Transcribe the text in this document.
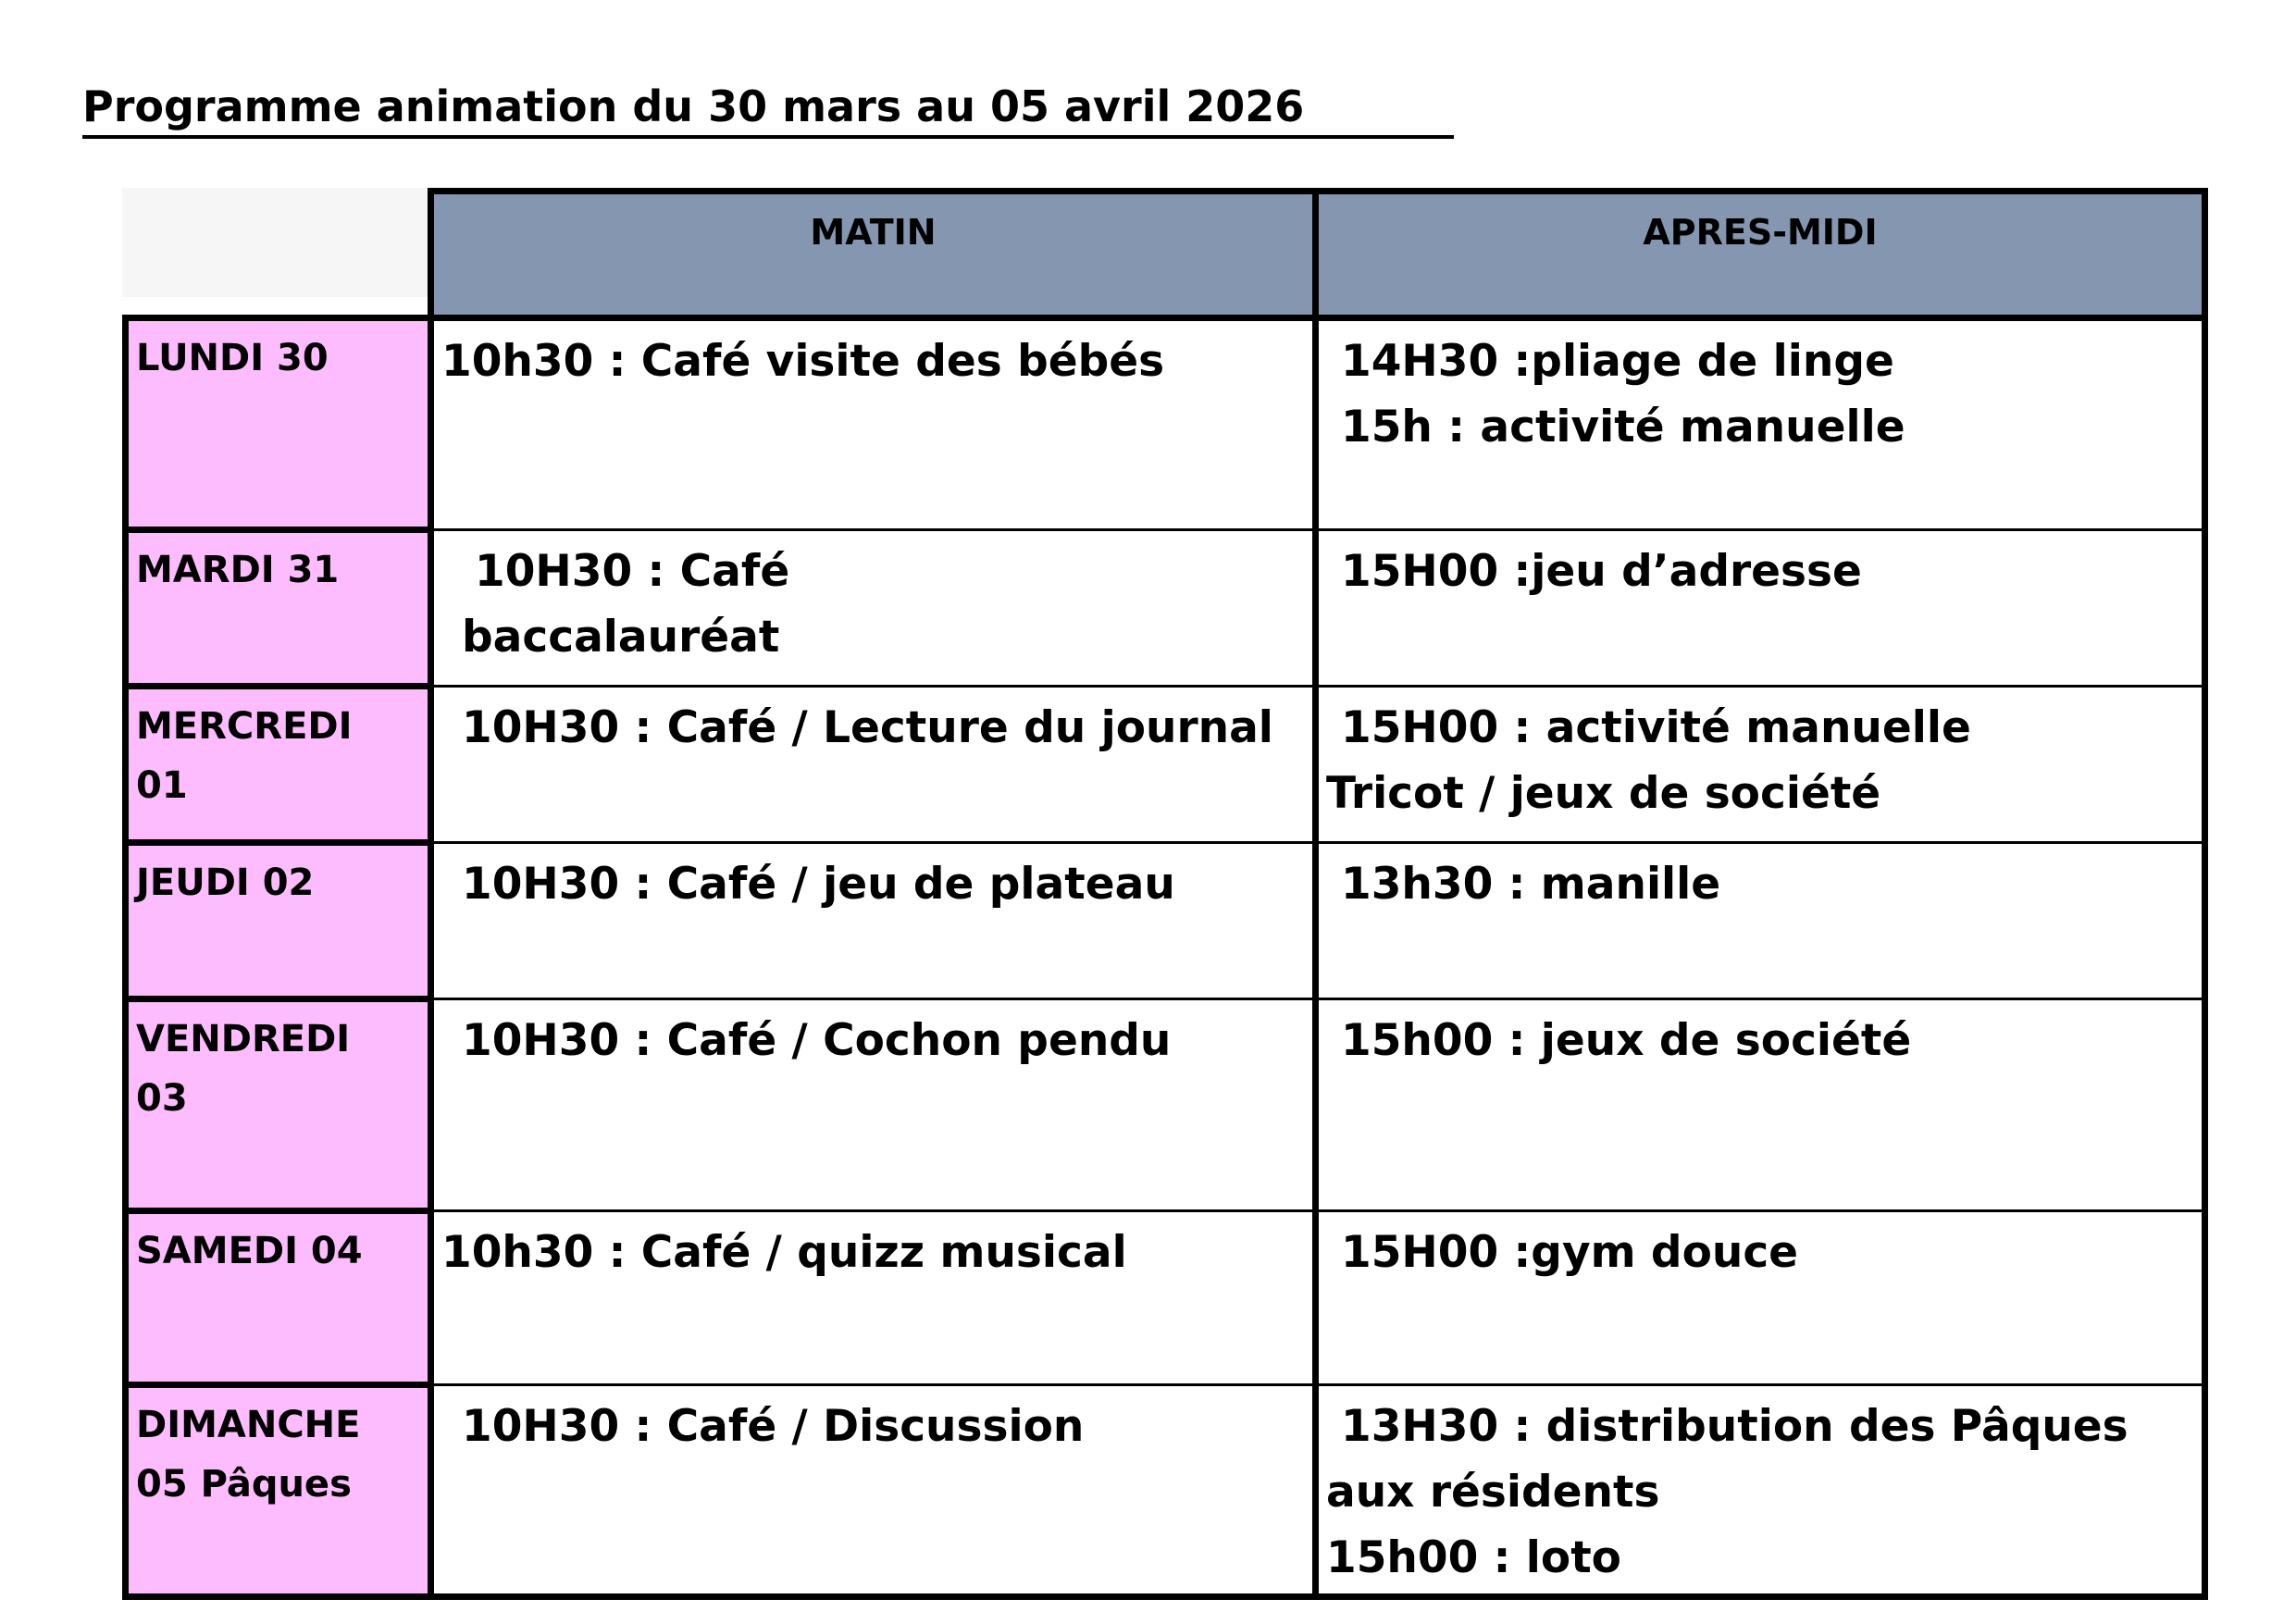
Programme animation du 30 mars au 05 avril 2026
	MATIN	APRES-MIDI

LUNDI 30	10h30 : Café visite des bébés	14H30 :pliage de linge
15h : activité manuelle

MARDI 31	10H30 : Café
baccalauréat	15H00 :jeu d’adresse

MERCREDI
01	10H30 : Café / Lecture du journal	15H00 : activité manuelle
Tricot / jeux de société

JEUDI 02	10H30 : Café / jeu de plateau	13h30 : manille

VENDREDI
03	10H30 : Café / Cochon pendu	15h00 : jeux de société

SAMEDI 04	10h30 : Café / quizz musical	15H00 :gym douce

DIMANCHE
05 Pâques	10H30 : Café / Discussion	13H30 : distribution des Pâques
aux résidents
15h00 : loto
